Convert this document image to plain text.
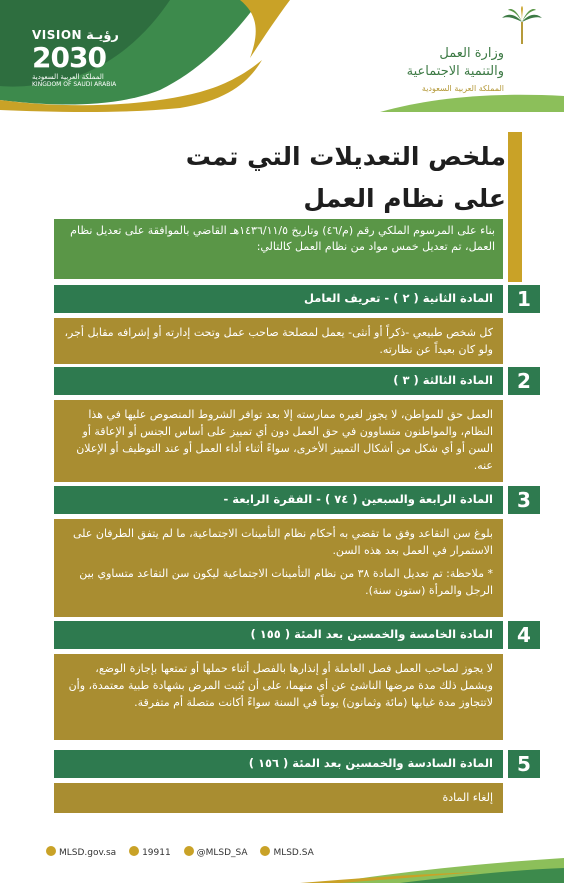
VISION رؤيـة
2030
المملكة العربية السعودية
KINGDOM OF SAUDI ARABIA
وزارة العمل
والتنمية الاجتماعية
المملكة العربية السعودية
ملخص التعديلات التي تمت
على نظام العمل
بناء على المرسوم الملكي رقم (م/٤٦) وتاريخ ١٤٣٦/١١/٥هـ القاضي بالموافقة على تعديل نظام العمل، تم تعديل خمس مواد من نظام العمل كالتالي:
1
المادة الثانية ( ٢ ) - تعريف العامل

كل شخص طبيعي -ذكراً أو أنثى- يعمل لمصلحة صاحب عمل وتحت إدارته أو إشرافه مقابل أجر، ولو كان بعيداً عن نظارته.

2
المادة الثالثة ( ٣ )

العمل حق للمواطن، لا يجوز لغيره ممارسته إلا بعد توافر الشروط المنصوص عليها في هذا النظام، والمواطنون متساوون في حق العمل دون أي تمييز على أساس الجنس أو الإعاقة أو السن أو أي شكل من أشكال التمييز الأخرى، سواءً أثناء أداء العمل أو عند التوظيف أو الإعلان عنه.

3
المادة الرابعة والسبعين ( ٧٤ ) - الفقرة الرابعة -

بلوغ سن التقاعد وفق ما تقضي به أحكام نظام التأمينات الاجتماعية، ما لم يتفق الطرفان على الاستمرار في العمل بعد هذه السن.

* ملاحظة: تم تعديل المادة ٣٨ من نظام التأمينات الاجتماعية ليكون سن التقاعد متساوي بين الرجل والمرأة (ستون سنة).

4
المادة الخامسة والخمسين بعد المئة ( ١٥٥ )

لا يجوز لصاحب العمل فصل العاملة أو إنذارها بالفصل أثناء حملها أو تمتعها بإجازة الوضع، ويشمل ذلك مدة مرضها الناشئ عن أي منهما، على أن يُثبت المرض بشهادة طبية معتمدة، وأن لاتتجاوز مدة غيابها (مائة وثمانون) يوماً في السنة سواءً أكانت متصلة أم متفرقة.

5
المادة السادسة والخمسين بعد المئة ( ١٥٦ )

إلغاء المادة

MLSD.gov.sa	19911	@MLSD_SA	MLSD.SA
